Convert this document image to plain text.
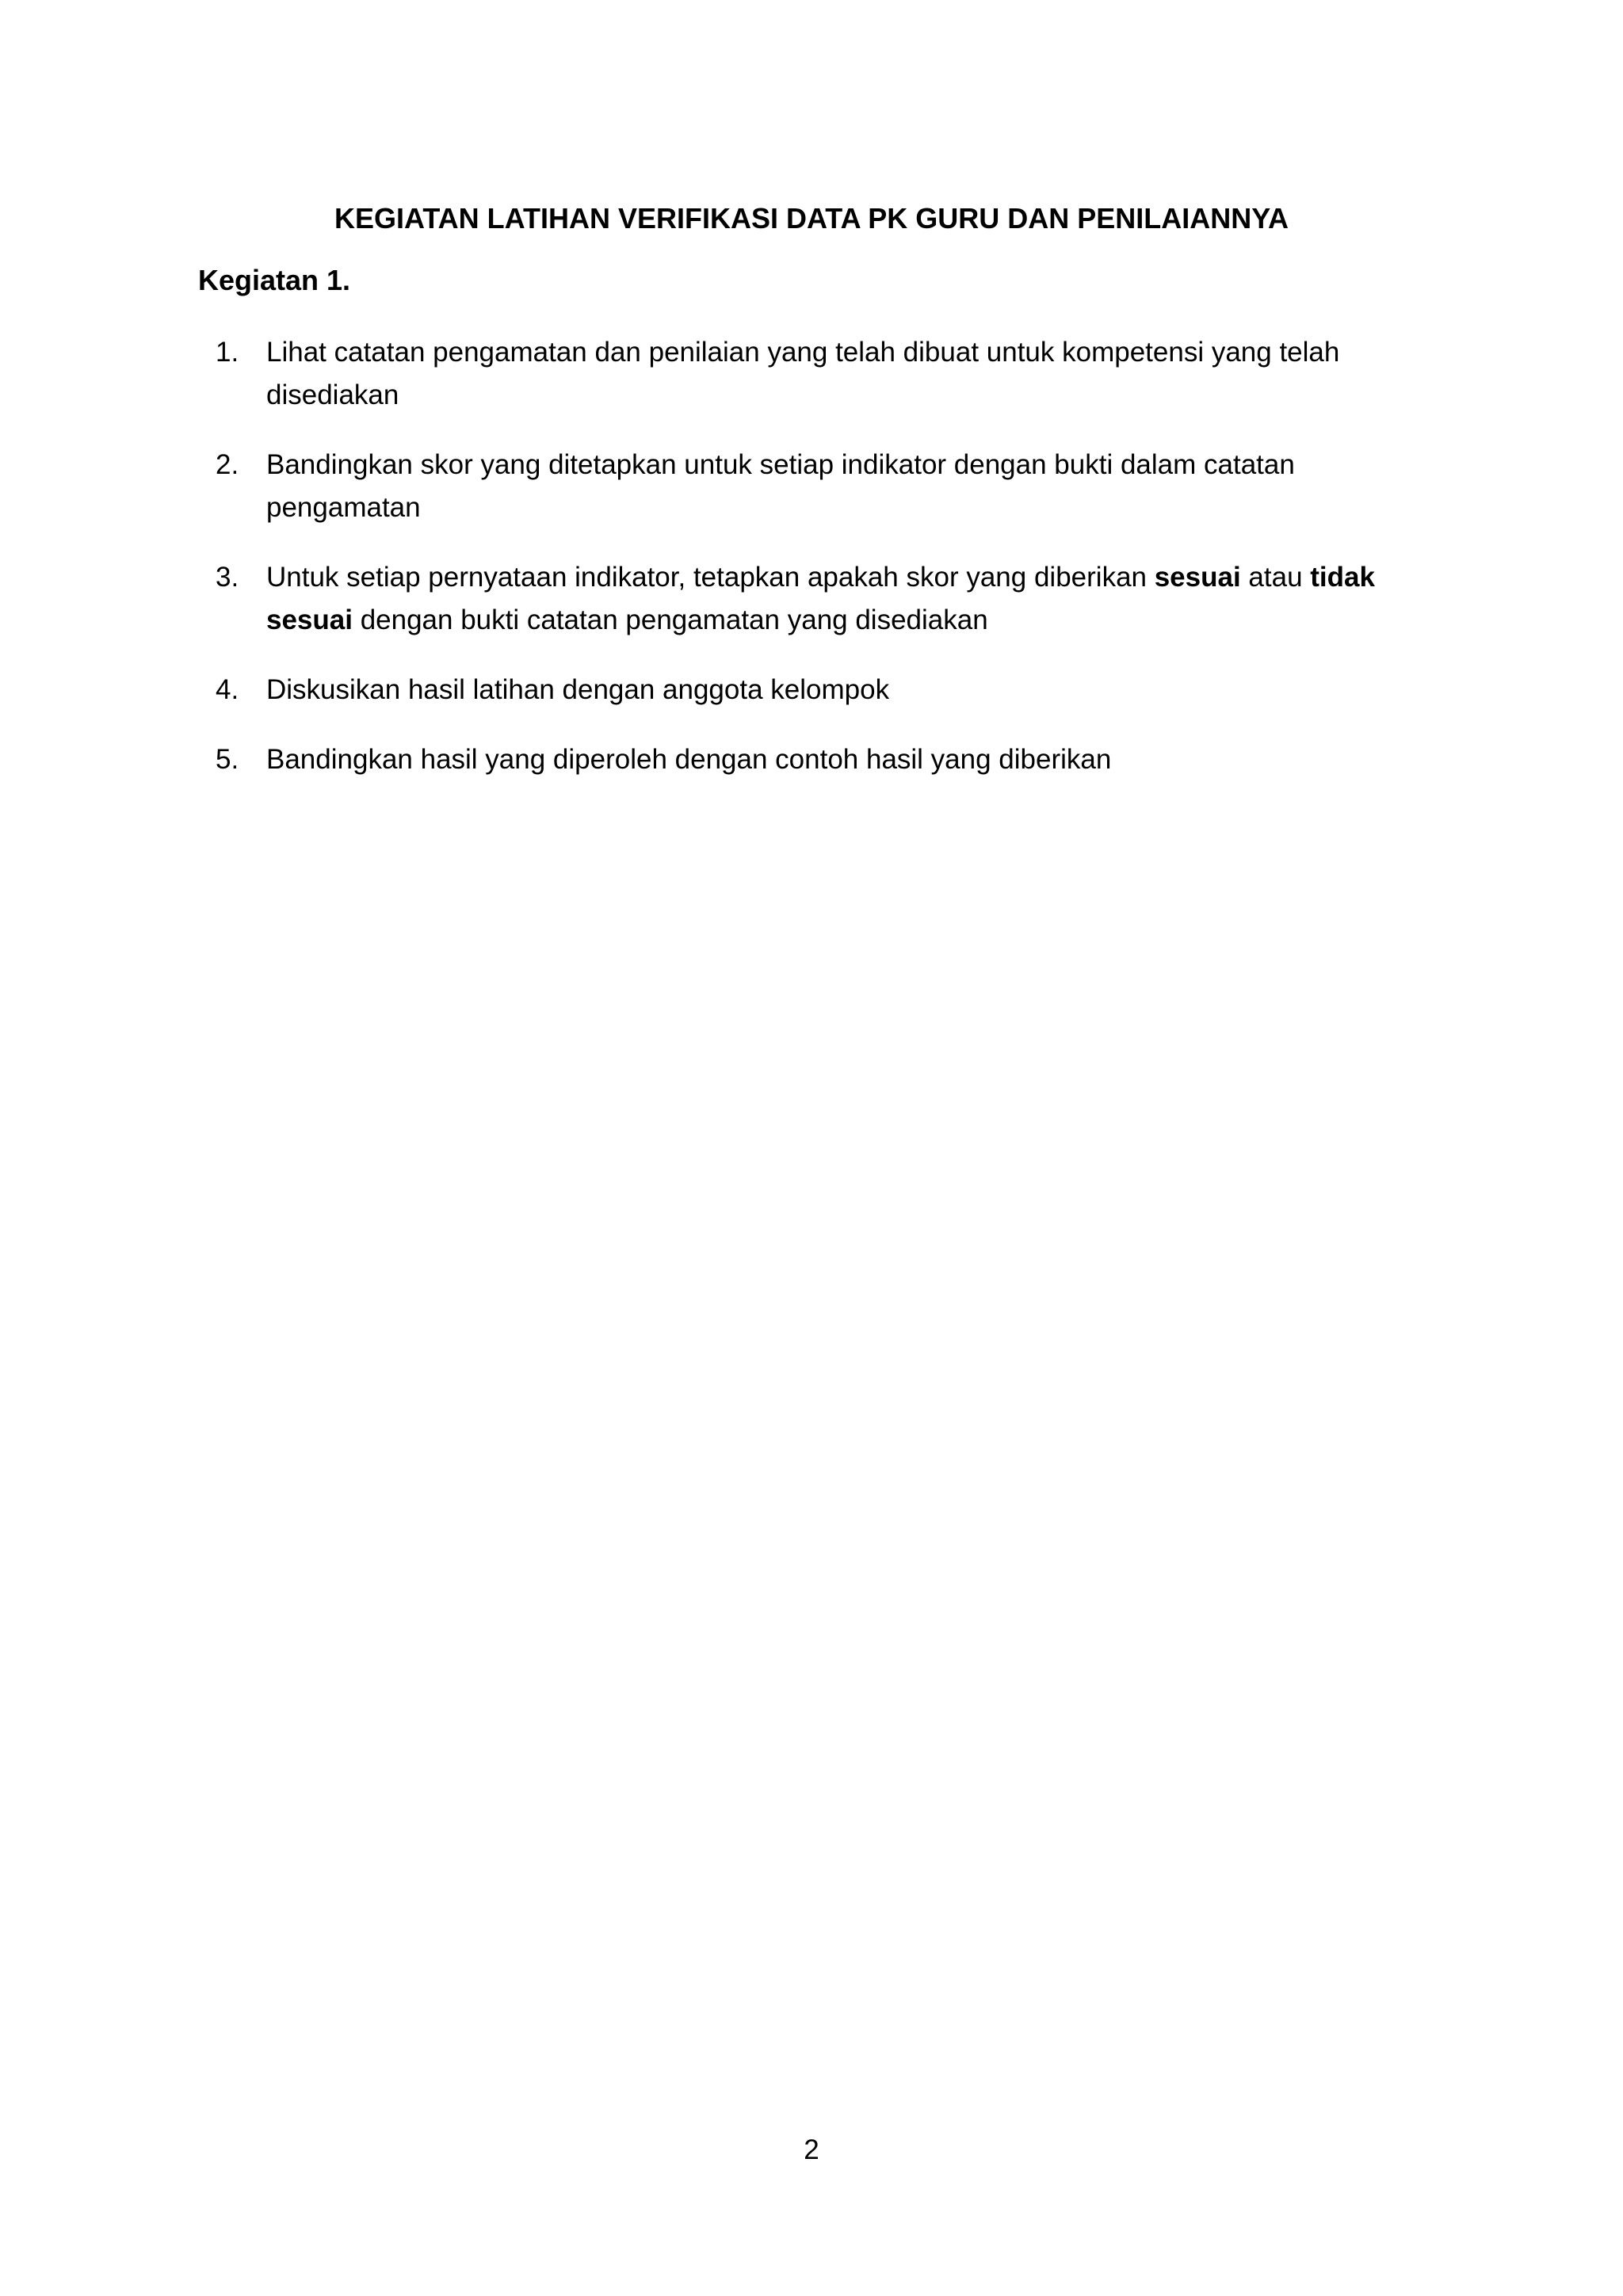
KEGIATAN LATIHAN VERIFIKASI DATA PK GURU DAN PENILAIANNYA
Kegiatan 1.
1. Lihat catatan pengamatan dan penilaian yang telah dibuat untuk kompetensi yang telah disediakan
2. Bandingkan skor yang ditetapkan untuk setiap indikator dengan bukti dalam catatan pengamatan
3. Untuk setiap pernyataan indikator, tetapkan apakah skor yang diberikan sesuai atau tidak sesuai dengan bukti catatan pengamatan yang disediakan
4. Diskusikan hasil latihan dengan anggota kelompok
5. Bandingkan hasil yang diperoleh dengan contoh hasil yang diberikan
2
